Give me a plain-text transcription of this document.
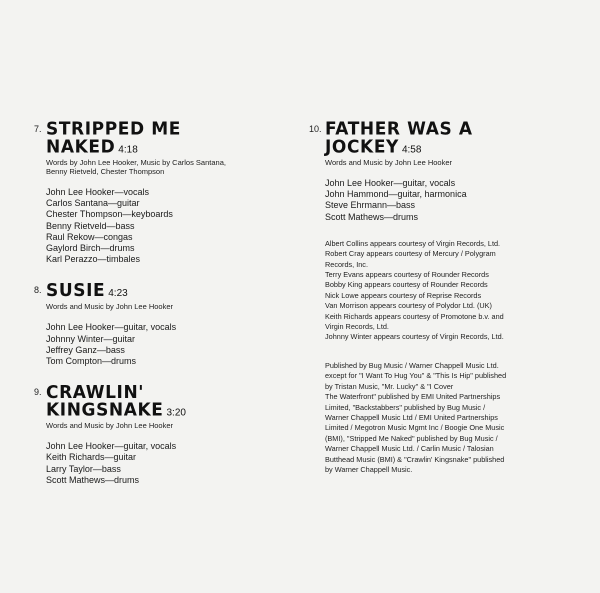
7. STRIPPED ME
NAKED 4:18
Words by John Lee Hooker, Music by Carlos Santana,
Benny Rietveld, Chester Thompson
John Lee Hooker—vocals
Carlos Santana—guitar
Chester Thompson—keyboards
Benny Rietveld—bass
Raul Rekow—congas
Gaylord Birch—drums
Karl Perazzo—timbales
8. SUSIE 4:23
Words and Music by John Lee Hooker
John Lee Hooker—guitar, vocals
Johnny Winter—guitar
Jeffrey Ganz—bass
Tom Compton—drums
9. CRAWLIN'
KINGSNAKE 3:20
Words and Music by John Lee Hooker
John Lee Hooker—guitar, vocals
Keith Richards—guitar
Larry Taylor—bass
Scott Mathews—drums
10. FATHER WAS A
JOCKEY 4:58
Words and Music by John Lee Hooker
John Lee Hooker—guitar, vocals
John Hammond—guitar, harmonica
Steve Ehrmann—bass
Scott Mathews—drums
Albert Collins appears courtesy of Virgin Records, Ltd.
Robert Cray appears courtesy of Mercury / Polygram
Records, Inc.
Terry Evans appears courtesy of Rounder Records
Bobby King appears courtesy of Rounder Records
Nick Lowe appears courtesy of Reprise Records
Van Morrison appears courtesy of Polydor Ltd. (UK)
Keith Richards appears courtesy of Promotone b.v. and
Virgin Records, Ltd.
Johnny Winter appears courtesy of Virgin Records, Ltd.
Published by Bug Music / Warner Chappell Music Ltd.
except for "I Want To Hug You" & "This Is Hip" published
by Tristan Music, "Mr. Lucky" & "I Cover
The Waterfront" published by EMI United Partnerships
Limited, "Backstabbers" published by Bug Music /
Warner Chappell Music Ltd / EMI United Partnerships
Limited / Megotron Music Mgmt Inc / Boogie One Music
(BMI), "Stripped Me Naked" published by Bug Music /
Warner Chappell Music Ltd. / Carlin Music / Talosian
Butthead Music (BMI) & "Crawlin' Kingsnake" published
by Warner Chappell Music.
